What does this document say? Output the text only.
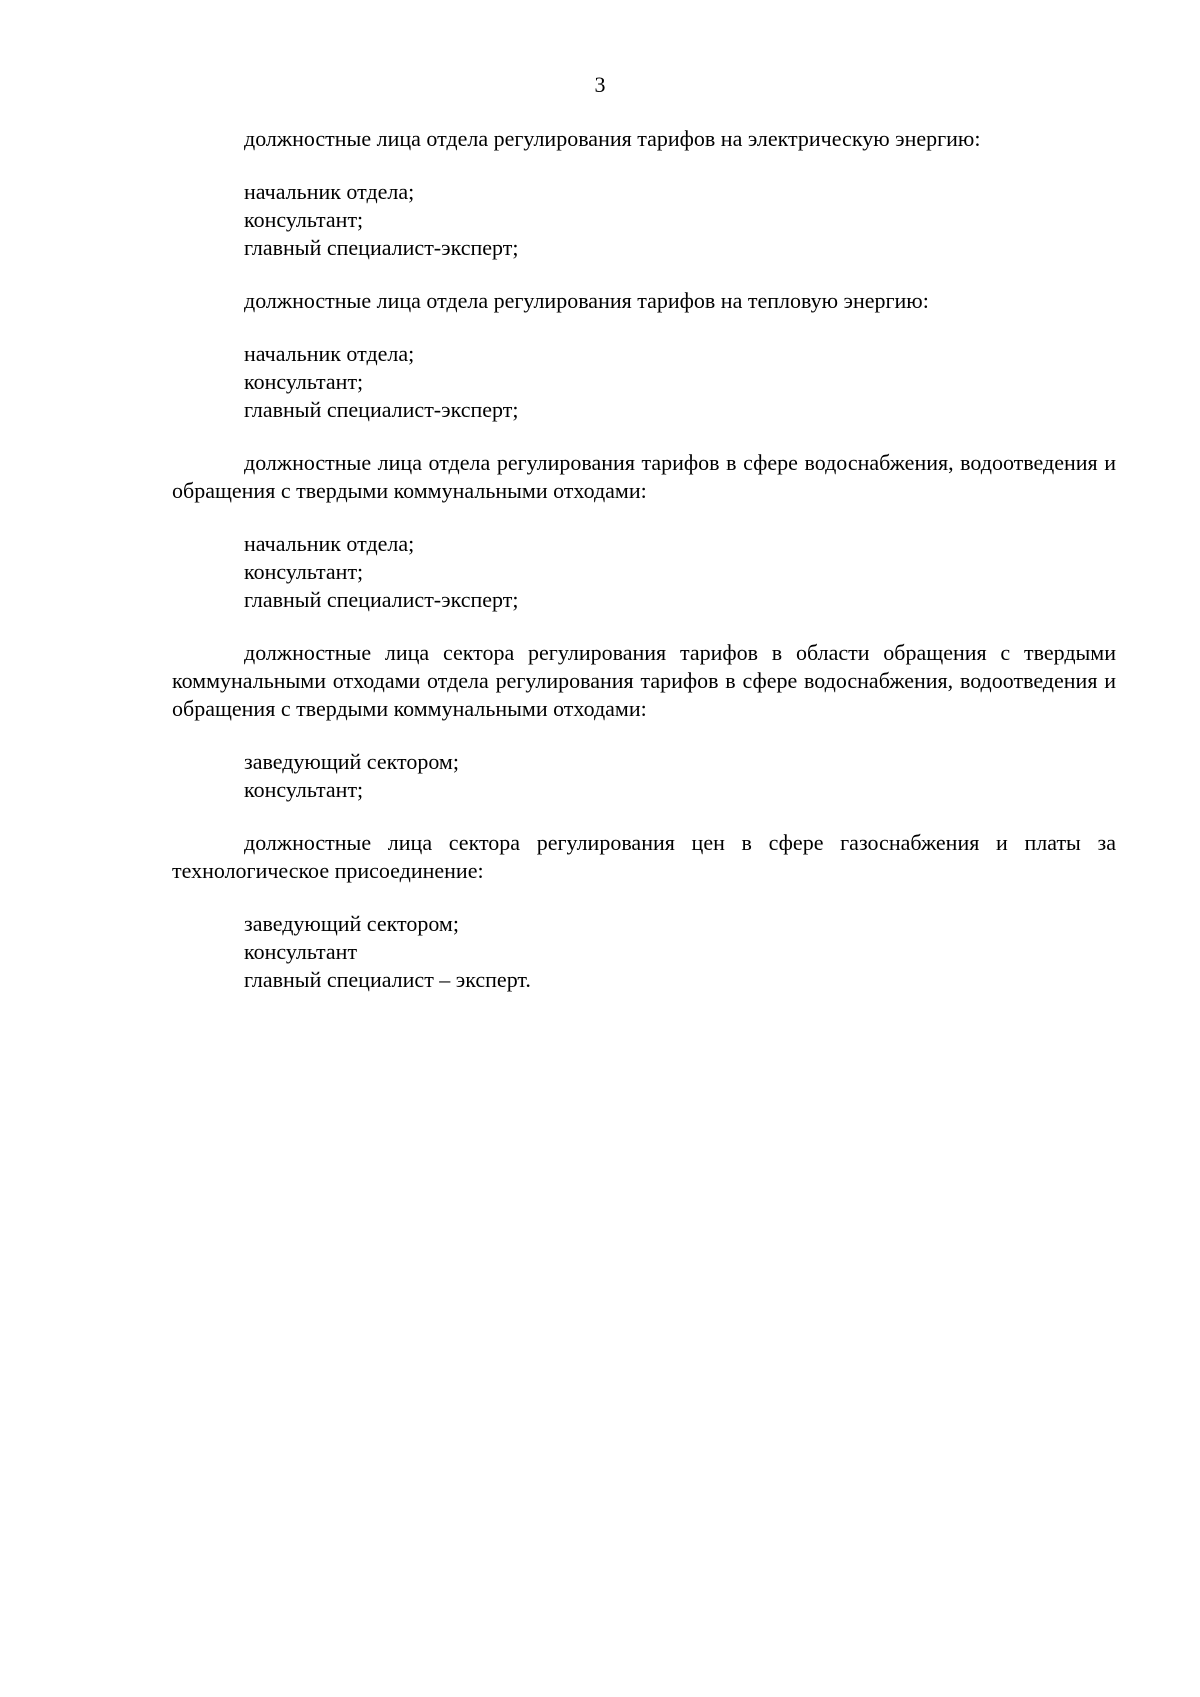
3

должностные лица отдела регулирования тарифов на электрическую энергию:

начальник отдела;
консультант;
главный специалист-эксперт;

должностные лица отдела регулирования тарифов на тепловую энергию:

начальник отдела;
консультант;
главный специалист-эксперт;

должностные лица отдела регулирования тарифов в сфере водоснабжения, водоотведения и обращения с твердыми коммунальными отходами:

начальник отдела;
консультант;
главный специалист-эксперт;

должностные лица сектора регулирования тарифов в области обращения с твердыми коммунальными отходами отдела регулирования тарифов в сфере водоснабжения, водоотведения и обращения с твердыми коммунальными отходами:

заведующий сектором;
консультант;

должностные лица сектора регулирования цен в сфере газоснабжения и платы за технологическое присоединение:

заведующий сектором;
консультант
главный специалист – эксперт.
